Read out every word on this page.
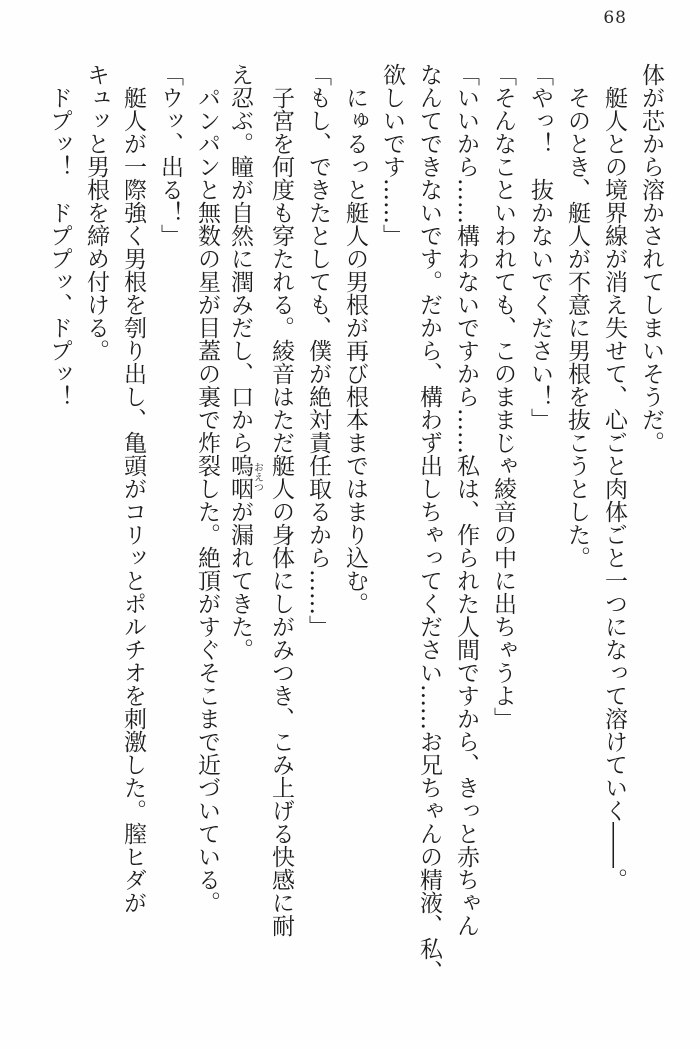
68
体が芯から溶かされてしまいそうだ。
　艇人との境界線が消え失せて、心ごと肉体ごと一つになって溶けていく――。
　そのとき、艇人が不意に男根を抜こうとした。
「やっ！　抜かないでください！」
「そんなこといわれても、このままじゃ綾音の中に出ちゃうよ」
「いいから……構わないですから……私は、作られた人間ですから、きっと赤ちゃん
なんてできないです。だから、構わず出しちゃってください……お兄ちゃんの精液、私、
欲しいです……」
　にゅるっと艇人の男根が再び根本まではまり込む。
「もし、できたとしても、僕が絶対責任取るから……」
　子宮を何度も穿たれる。綾音はただ艇人の身体にしがみつき、こみ上げる快感に耐
え忍ぶ。瞳が自然に潤みだし、口から嗚咽おえつが漏れてきた。
　パンパンと無数の星が目蓋の裏で炸裂した。絶頂がすぐそこまで近づいている。
「ウッ、出る！」
　艇人が一際強く男根を刳り出し、亀頭がコリッとポルチオを刺激した。膣ヒダが
キュッと男根を締め付ける。
　ドプッ！　ドププッ、ドプッ！
